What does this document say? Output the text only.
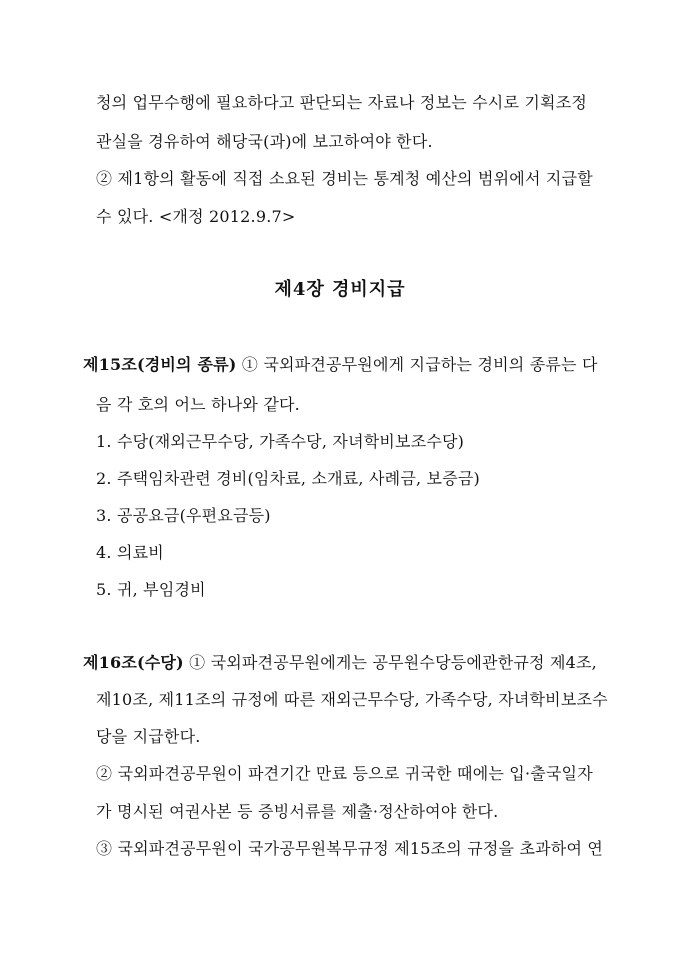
청의 업무수행에 필요하다고 판단되는 자료나 정보는 수시로 기획조정
관실을 경유하여 해당국(과)에 보고하여야 한다.
② 제1항의 활동에 직접 소요된 경비는 통계청 예산의 범위에서 지급할
수 있다. <개정 2012.9.7>
제4장 경비지급
제15조(경비의 종류) ① 국외파견공무원에게 지급하는 경비의 종류는 다
음 각 호의 어느 하나와 같다.
1. 수당(재외근무수당, 가족수당, 자녀학비보조수당)
2. 주택임차관련 경비(임차료, 소개료, 사례금, 보증금)
3. 공공요금(우편요금등)
4. 의료비
5. 귀, 부임경비
제16조(수당) ① 국외파견공무원에게는 공무원수당등에관한규정 제4조,
제10조, 제11조의 규정에 따른 재외근무수당, 가족수당, 자녀학비보조수
당을 지급한다.
② 국외파견공무원이 파견기간 만료 등으로 귀국한 때에는 입·출국일자
가 명시된 여권사본 등 증빙서류를 제출·정산하여야 한다.
③ 국외파견공무원이 국가공무원복무규정 제15조의 규정을 초과하여 연
